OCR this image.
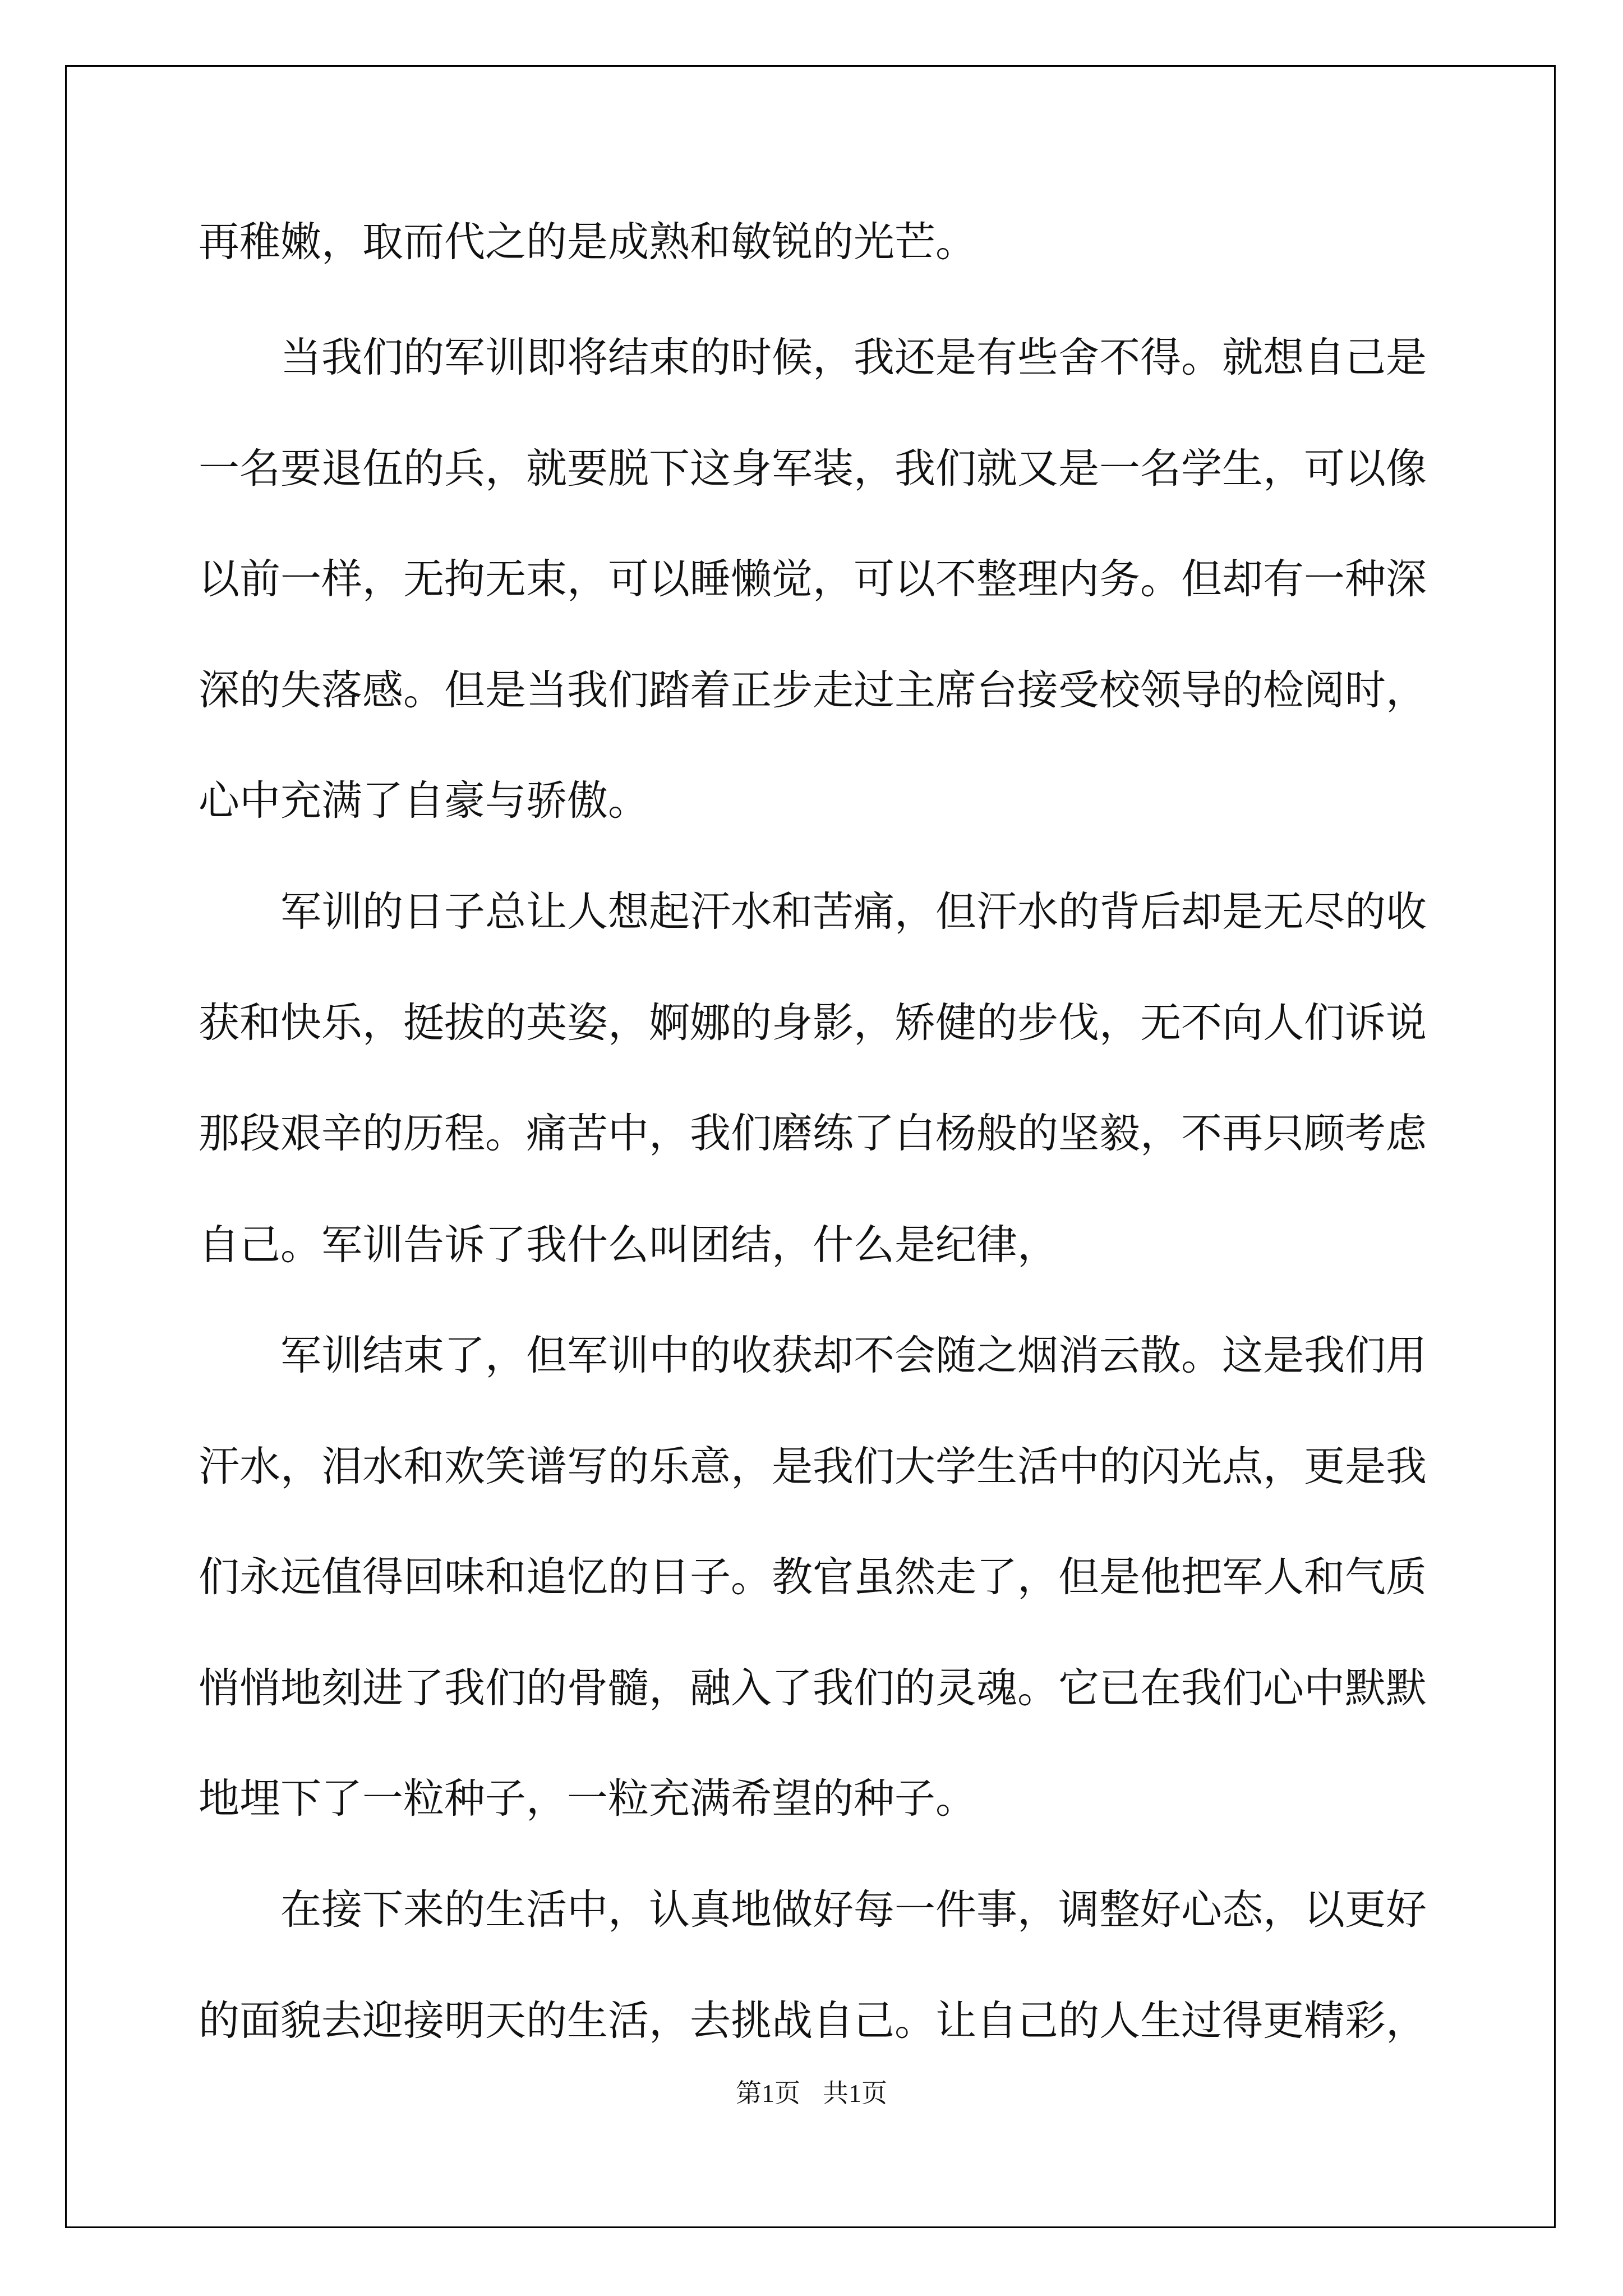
再稚嫩，取而代之的是成熟和敏锐的光芒。
当我们的军训即将结束的时候，我还是有些舍不得。就想自己是
一名要退伍的兵，就要脱下这身军装，我们就又是一名学生，可以像
以前一样，无拘无束，可以睡懒觉，可以不整理内务。但却有一种深
深的失落感。但是当我们踏着正步走过主席台接受校领导的检阅时，
心中充满了自豪与骄傲。
军训的日子总让人想起汗水和苦痛，但汗水的背后却是无尽的收
获和快乐，挺拔的英姿，婀娜的身影，矫健的步伐，无不向人们诉说
那段艰辛的历程。痛苦中，我们磨练了白杨般的坚毅，不再只顾考虑
自己。军训告诉了我什么叫团结，什么是纪律，
军训结束了，但军训中的收获却不会随之烟消云散。这是我们用
汗水，泪水和欢笑谱写的乐意，是我们大学生活中的闪光点，更是我
们永远值得回味和追忆的日子。教官虽然走了，但是他把军人和气质
悄悄地刻进了我们的骨髓，融入了我们的灵魂。它已在我们心中默默
地埋下了一粒种子，一粒充满希望的种子。
在接下来的生活中，认真地做好每一件事，调整好心态，以更好
的面貌去迎接明天的生活，去挑战自己。让自己的人生过得更精彩，
第1页 共1页
